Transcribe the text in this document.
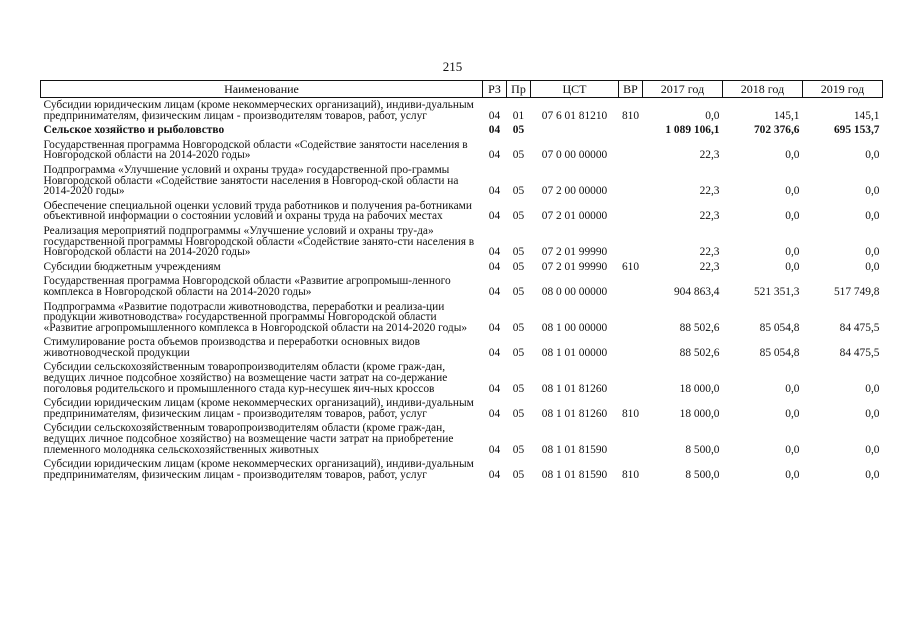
215
Наименование	РЗ	Пр	ЦСТ	ВР	2017 год	2018 год	2019 год
Субсидии юридическим лицам (кроме некоммерческих организаций), индиви-дуальным предпринимателям, физическим лицам - производителям товаров, работ, услуг	04	01	07 6 01 81210	810	0,0	145,1	145,1
Сельское хозяйство и рыболовство	04	05			1 089 106,1	702 376,6	695 153,7
Государственная программа Новгородской области «Содействие занятости населения в Новгородской области на 2014-2020 годы»	04	05	07 0 00 00000		22,3	0,0	0,0
Подпрограмма «Улучшение условий и охраны труда» государственной про-граммы Новгородской области «Содействие занятости населения в Новгород-ской области на 2014-2020 годы»	04	05	07 2 00 00000		22,3	0,0	0,0
Обеспечение специальной оценки условий труда работников и получения ра-ботниками объективной информации о состоянии условий и охраны труда на рабочих местах	04	05	07 2 01 00000		22,3	0,0	0,0
Реализация мероприятий подпрограммы «Улучшение условий и охраны тру-да» государственной программы Новгородской области «Содействие занято-сти населения в Новгородской области на 2014-2020 годы»	04	05	07 2 01 99990		22,3	0,0	0,0
Субсидии бюджетным учреждениям	04	05	07 2 01 99990	610	22,3	0,0	0,0
Государственная программа Новгородской области «Развитие агропромыш-ленного комплекса в Новгородской области на 2014-2020 годы»	04	05	08 0 00 00000		904 863,4	521 351,3	517 749,8
Подпрограмма «Развитие подотрасли животноводства, переработки и реализа-ции продукции животноводства» государственной программы Новгородской области «Развитие агропромышленного комплекса в Новгородской области на 2014-2020 годы»	04	05	08 1 00 00000		88 502,6	85 054,8	84 475,5
Стимулирование роста объемов производства и переработки основных видов животноводческой продукции	04	05	08 1 01 00000		88 502,6	85 054,8	84 475,5
Субсидии сельскохозяйственным товаропроизводителям области (кроме граж-дан, ведущих личное подсобное хозяйство) на возмещение части затрат на со-держание поголовья родительского и промышленного стада кур-несушек яич-ных кроссов	04	05	08 1 01 81260		18 000,0	0,0	0,0
Субсидии юридическим лицам (кроме некоммерческих организаций), индиви-дуальным предпринимателям, физическим лицам - производителям товаров, работ, услуг	04	05	08 1 01 81260	810	18 000,0	0,0	0,0
Субсидии сельскохозяйственным товаропроизводителям области (кроме граж-дан, ведущих личное подсобное хозяйство) на возмещение части затрат на приобретение племенного молодняка сельскохозяйственных животных	04	05	08 1 01 81590		8 500,0	0,0	0,0
Субсидии юридическим лицам (кроме некоммерческих организаций), индиви-дуальным предпринимателям, физическим лицам - производителям товаров, работ, услуг	04	05	08 1 01 81590	810	8 500,0	0,0	0,0
